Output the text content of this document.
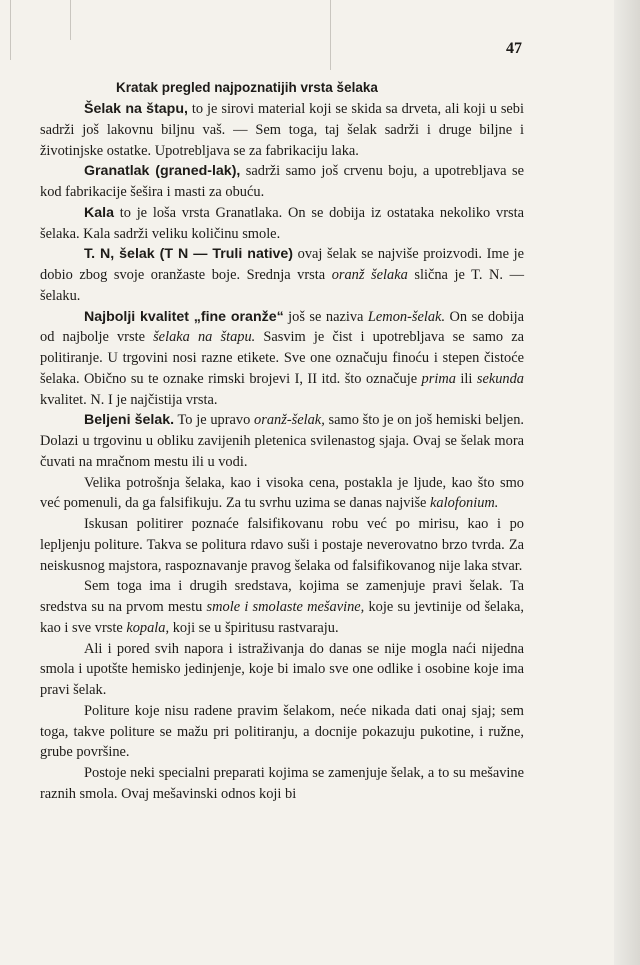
47
Kratak pregled najpoznatijih vrsta šelaka

Šelak na štapu, to je sirovi material koji se skida sa drveta, ali koji u sebi sadrži još lakovnu biljnu vaš. — Sem toga, taj šelak sadrži i druge biljne i životinjske ostatke. Upotrebljava se za fabrikaciju laka.

Granatlak (graned-lak), sadrži samo još crvenu boju, a upotrebljava se kod fabrikacije šešira i masti za obuću.

Kala to je loša vrsta Granatlaka. On se dobija iz ostataka nekoliko vrsta šelaka. Kala sadrži veliku količinu smole.

T. N, šelak (T N — Truli native) ovaj šelak se najviše proizvodi. Ime je dobio zbog svoje oranžaste boje. Srednja vrsta oranž šelaka slična je T. N. — šelaku.

Najbolji kvalitet „fine oranže“ još se naziva Lemon-šelak. On se dobija od najbolje vrste šelaka na štapu. Sasvim je čist i upotrebljava se samo za politiranje. U trgovini nosi razne etikete. Sve one označuju finoću i stepen čistoće šelaka. Obično su te oznake rimski brojevi I, II itd. što označuje prima ili sekunda kvalitet. N. I je najčistija vrsta.

Beljeni šelak. To je upravo oranž-šelak, samo što je on još hemiski beljen. Dolazi u trgovinu u obliku zavijenih pletenica svilenastog sjaja. Ovaj se šelak mora čuvati na mračnom mestu ili u vodi.

Velika potrošnja šelaka, kao i visoka cena, postakla je ljude, kao što smo već pomenuli, da ga falsifikuju. Za tu svrhu uzima se danas najviše kalofonium.

Iskusan politirer poznaće falsifikovanu robu već po mirisu, kao i po lepljenju politure. Takva se politura rdavo suši i postaje neverovatno brzo tvrda. Za neiskusnog majstora, raspoznavanje pravog šelaka od falsifikovanog nije laka stvar.

Sem toga ima i drugih sredstava, kojima se zamenjuje pravi šelak. Ta sredstva su na prvom mestu smole i smolaste mešavine, koje su jevtinije od šelaka, kao i sve vrste kopala, koji se u špiritusu rastvaraju.

Ali i pored svih napora i istraživanja do danas se nije mogla naći nijedna smola i upotšte hemisko jedinjenje, koje bi imalo sve one odlike i osobine koje ima pravi šelak.

Politure koje nisu radene pravim šelakom, neće nikada dati onaj sjaj; sem toga, takve politure se mažu pri politiranju, a docnije pokazuju pukotine, i ružne, grube površine.

Postoje neki specialni preparati kojima se zamenjuje šelak, a to su mešavine raznih smola. Ovaj mešavinski odnos koji bi
